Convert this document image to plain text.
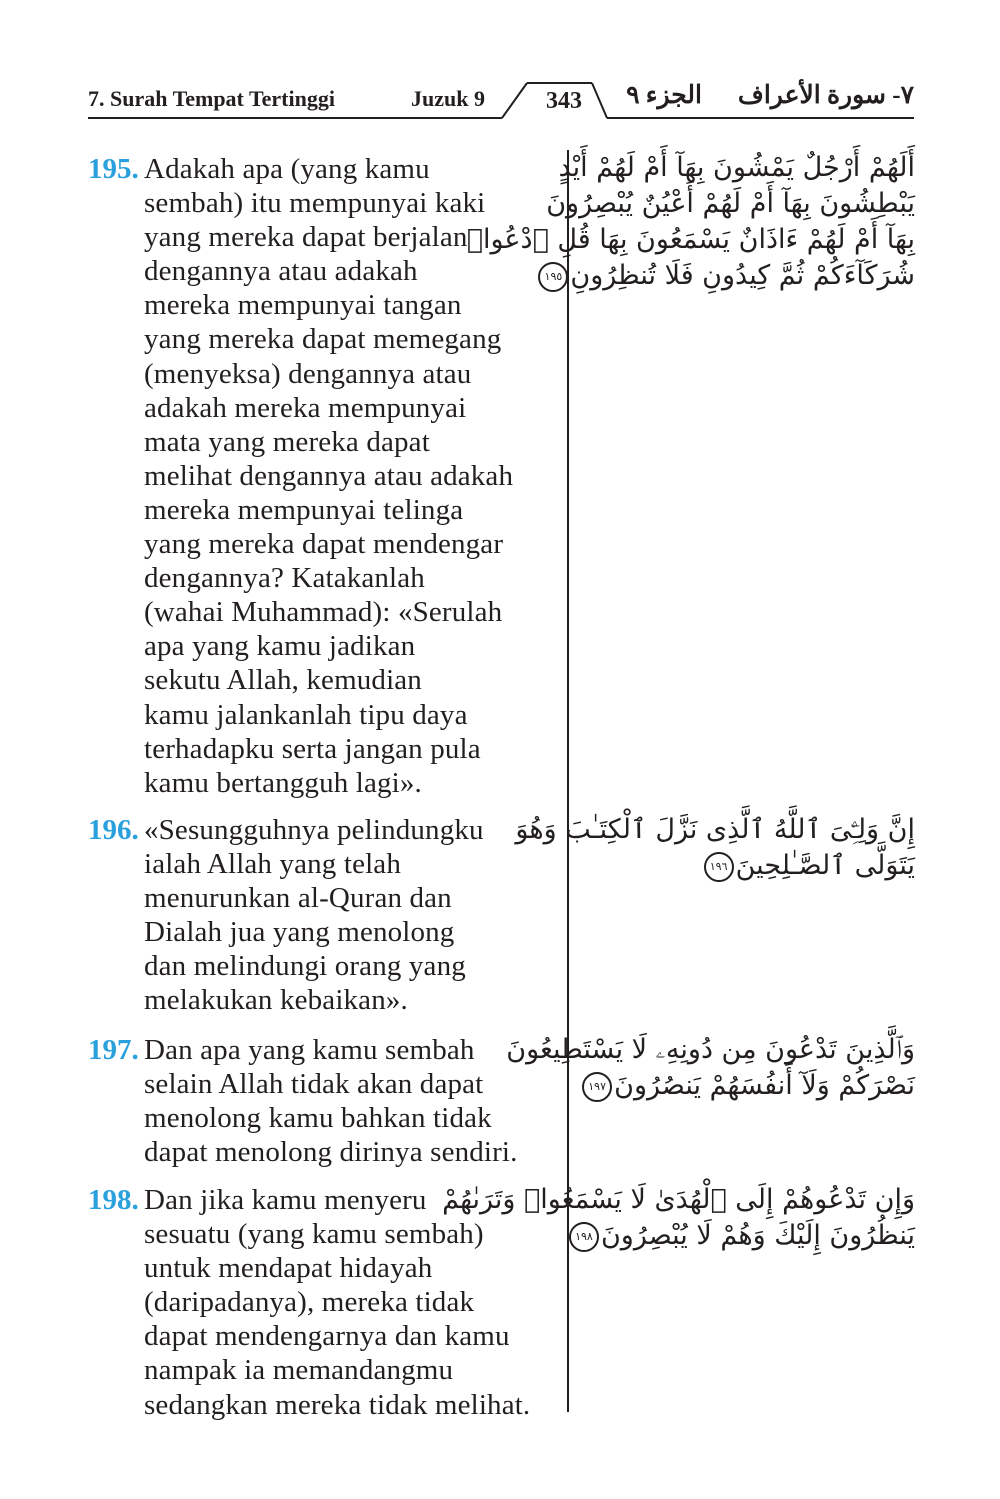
7. Surah Tempat Tertinggi	Juzuk 9	343	الجزء ٩	٧- سورة الأعراف
195. Adakah apa (yang kamu
sembah) itu mempunyai kaki
yang mereka dapat berjalan
dengannya atau adakah
mereka mempunyai tangan
yang mereka dapat memegang
(menyeksa) dengannya atau
adakah mereka mempunyai
mata yang mereka dapat
melihat dengannya atau adakah
mereka mempunyai telinga
yang mereka dapat mendengar
dengannya? Katakanlah
(wahai Muhammad): «Serulah
apa yang kamu jadikan
sekutu Allah, kemudian
kamu jalankanlah tipu daya
terhadapku serta jangan pula
kamu bertangguh lagi».
أَلَهُمْ أَرْجُلٌ يَمْشُونَ بِهَآ أَمْ لَهُمْ أَيْدٍ
يَبْطِشُونَ بِهَآ أَمْ لَهُمْ أَعْيُنٌ يُبْصِرُونَ
بِهَآ أَمْ لَهُمْ ءَاذَانٌ يَسْمَعُونَ بِهَا قُلِ ٱدْعُوا۟
شُرَكَآءَكُمْ ثُمَّ كِيدُونِ فَلَا تُنظِرُونِ١٩٥
196. «Sesungguhnya pelindungku
ialah Allah yang telah
menurunkan al-Quran dan
Dialah jua yang menolong
dan melindungi orang yang
melakukan kebaikan».
إِنَّ وَلِـِّۧىَ ٱللَّهُ ٱلَّذِى نَزَّلَ ٱلْكِتَـٰبَ وَهُوَ
يَتَوَلَّى ٱلصَّـٰلِحِينَ١٩٦
197. Dan apa yang kamu sembah
selain Allah tidak akan dapat
menolong kamu bahkan tidak
dapat menolong dirinya sendiri.
وَٱلَّذِينَ تَدْعُونَ مِن دُونِهِۦ لَا يَسْتَطِيعُونَ
نَصْرَكُمْ وَلَآ أَنفُسَهُمْ يَنصُرُونَ١٩٧
198. Dan jika kamu menyeru
sesuatu (yang kamu sembah)
untuk mendapat hidayah
(daripadanya), mereka tidak
dapat mendengarnya dan kamu
nampak ia memandangmu
sedangkan mereka tidak melihat.
وَإِن تَدْعُوهُمْ إِلَى ٱلْهُدَىٰ لَا يَسْمَعُوا۟ وَتَرَىٰهُمْ
يَنظُرُونَ إِلَيْكَ وَهُمْ لَا يُبْصِرُونَ١٩٨
